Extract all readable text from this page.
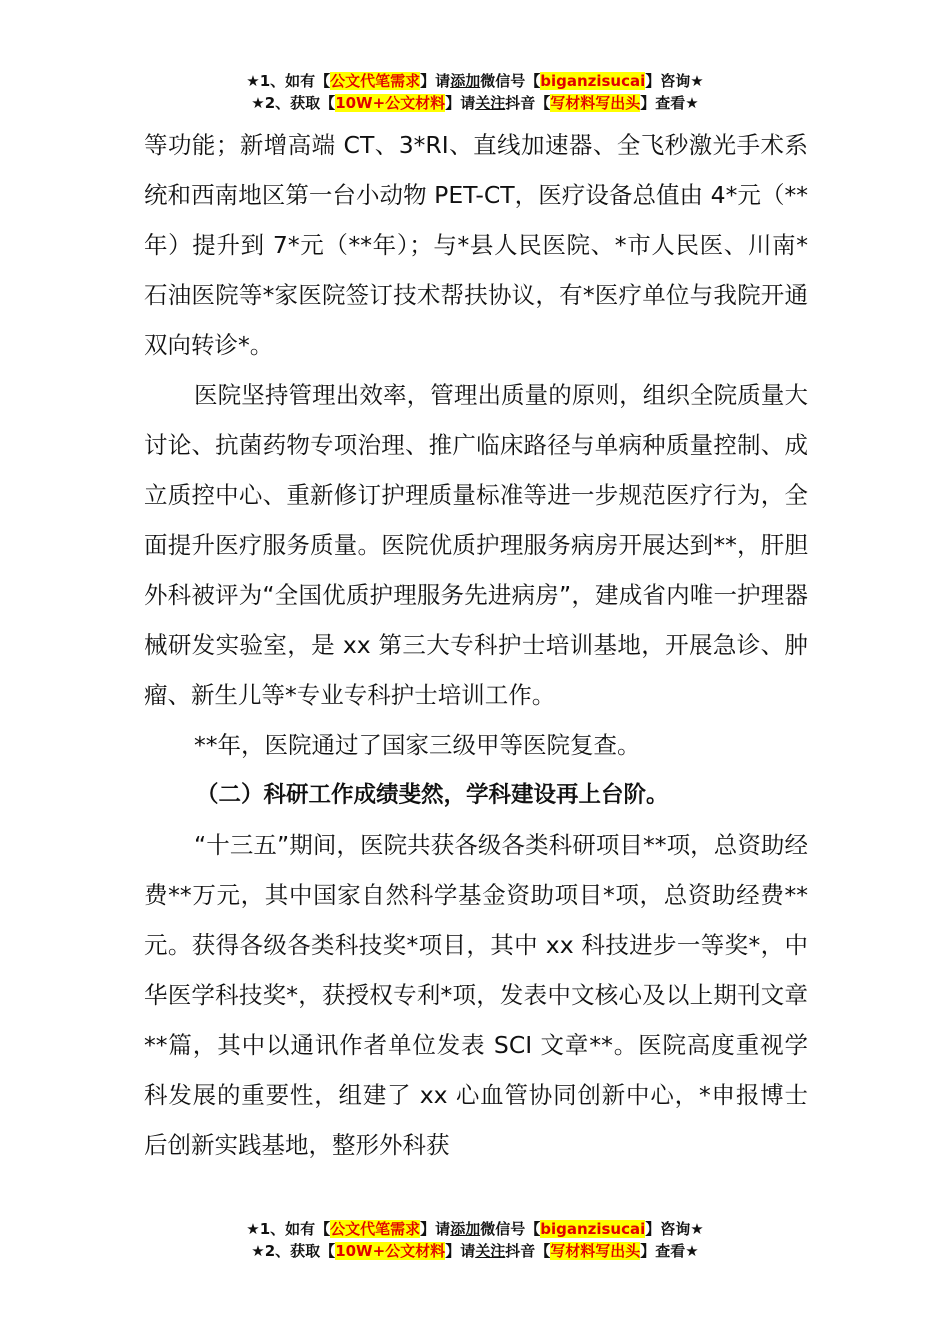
★1、如有【公文代笔需求】请添加微信号【biganzisucai】咨询★
★2、获取【10W+公文材料】请关注抖音【写材料写出头】查看★

等功能；新增高端 CT、3*RI、直线加速器、全飞秒激光手术系统和西南地区第一台小动物 PET-CT，医疗设备总值由 4*元（**年）提升到 7*元（**年）；与*县人民医院、*市人民医、川南*石油医院等*家医院签订技术帮扶协议，有*医疗单位与我院开通双向转诊*。

医院坚持管理出效率，管理出质量的原则，组织全院质量大讨论、抗菌药物专项治理、推广临床路径与单病种质量控制、成立质控中心、重新修订护理质量标准等进一步规范医疗行为，全面提升医疗服务质量。医院优质护理服务病房开展达到**，肝胆外科被评为“全国优质护理服务先进病房”，建成省内唯一护理器械研发实验室，是 xx 第三大专科护士培训基地，开展急诊、肿瘤、新生儿等*专业专科护士培训工作。

**年，医院通过了国家三级甲等医院复查。

（二）科研工作成绩斐然，学科建设再上台阶。

“十三五”期间，医院共获各级各类科研项目**项，总资助经费**万元，其中国家自然科学基金资助项目*项，总资助经费**元。获得各级各类科技奖*项目，其中 xx 科技进步一等奖*，中华医学科技奖*，获授权专利*项，发表中文核心及以上期刊文章**篇，其中以通讯作者单位发表 SCI 文章**。医院高度重视学科发展的重要性，组建了 xx 心血管协同创新中心，*申报博士后创新实践基地，整形外科获

★1、如有【公文代笔需求】请添加微信号【biganzisucai】咨询★
★2、获取【10W+公文材料】请关注抖音【写材料写出头】查看★
